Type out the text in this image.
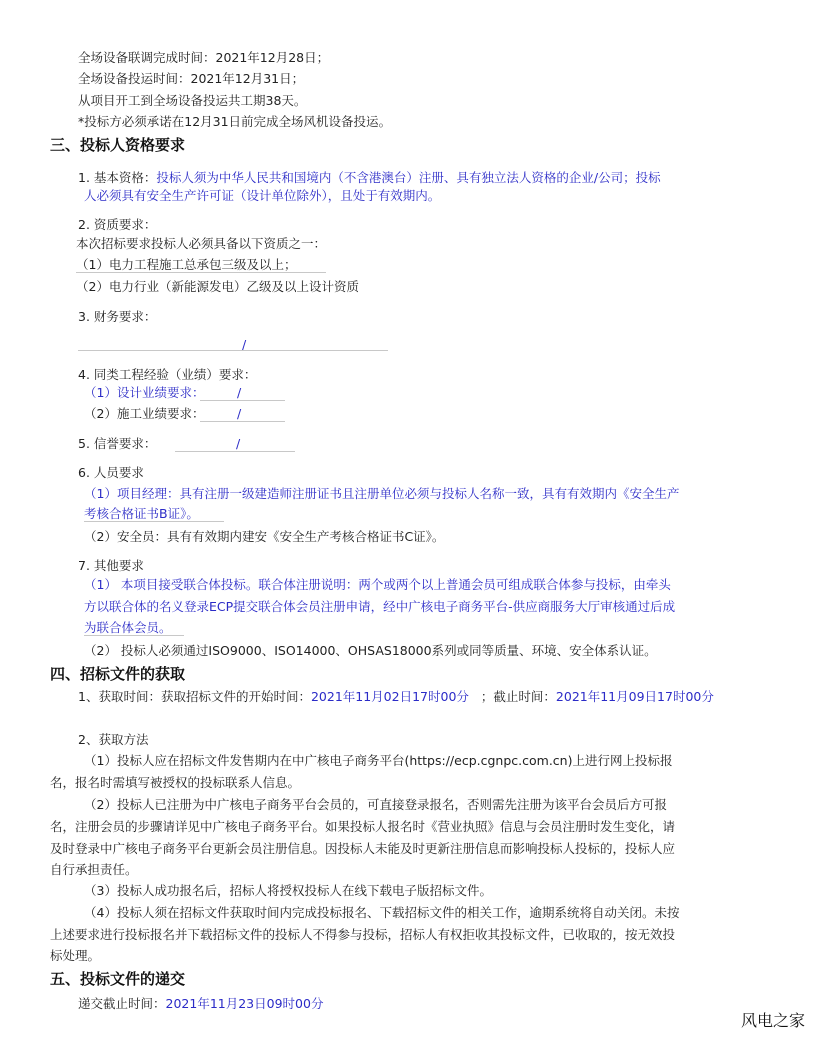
全场设备联调完成时间：2021年12月28日；
全场设备投运时间：2021年12月31日；
从项目开工到全场设备投运共工期38天。
*投标方必须承诺在12月31日前完成全场风机设备投运。
三、投标人资格要求
1. 基本资格：投标人须为中华人民共和国境内（不含港澳台）注册、具有独立法人资格的企业/公司；投标
人必须具有安全生产许可证（设计单位除外），且处于有效期内。
2. 资质要求：
本次招标要求投标人必须具备以下资质之一：
（1）电力工程施工总承包三级及以上；
（2）电力行业（新能源发电）乙级及以上设计资质
3. 财务要求：
/
4. 同类工程经验（业绩）要求：
（1）设计业绩要求：	/
（2）施工业绩要求：	/
5. 信誉要求：	/
6. 人员要求
（1）项目经理：具有注册一级建造师注册证书且注册单位必须与投标人名称一致，具有有效期内《安全生产
考核合格证书B证》。
（2）安全员：具有有效期内建安《安全生产考核合格证书C证》。
7. 其他要求
（1） 本项目接受联合体投标。联合体注册说明：两个或两个以上普通会员可组成联合体参与投标，由牵头
方以联合体的名义登录ECP提交联合体会员注册申请，经中广核电子商务平台-供应商服务大厅审核通过后成
为联合体会员。
（2） 投标人必须通过ISO9000、ISO14000、OHSAS18000系列或同等质量、环境、安全体系认证。
四、招标文件的获取
1、获取时间：获取招标文件的开始时间：2021年11月02日17时00分 ；截止时间：2021年11月09日17时00分
2、获取方法
（1）投标人应在招标文件发售期内在中广核电子商务平台(https://ecp.cgnpc.com.cn)上进行网上投标报
名，报名时需填写被授权的投标联系人信息。
（2）投标人已注册为中广核电子商务平台会员的，可直接登录报名，否则需先注册为该平台会员后方可报
名，注册会员的步骤请详见中广核电子商务平台。如果投标人报名时《营业执照》信息与会员注册时发生变化，请
及时登录中广核电子商务平台更新会员注册信息。因投标人未能及时更新注册信息而影响投标人投标的，投标人应
自行承担责任。
（3）投标人成功报名后，招标人将授权投标人在线下载电子版招标文件。
（4）投标人须在招标文件获取时间内完成投标报名、下载招标文件的相关工作，逾期系统将自动关闭。未按
上述要求进行投标报名并下载招标文件的投标人不得参与投标，招标人有权拒收其投标文件，已收取的，按无效投
标处理。
五、投标文件的递交
递交截止时间：2021年11月23日09时00分
风电之家
